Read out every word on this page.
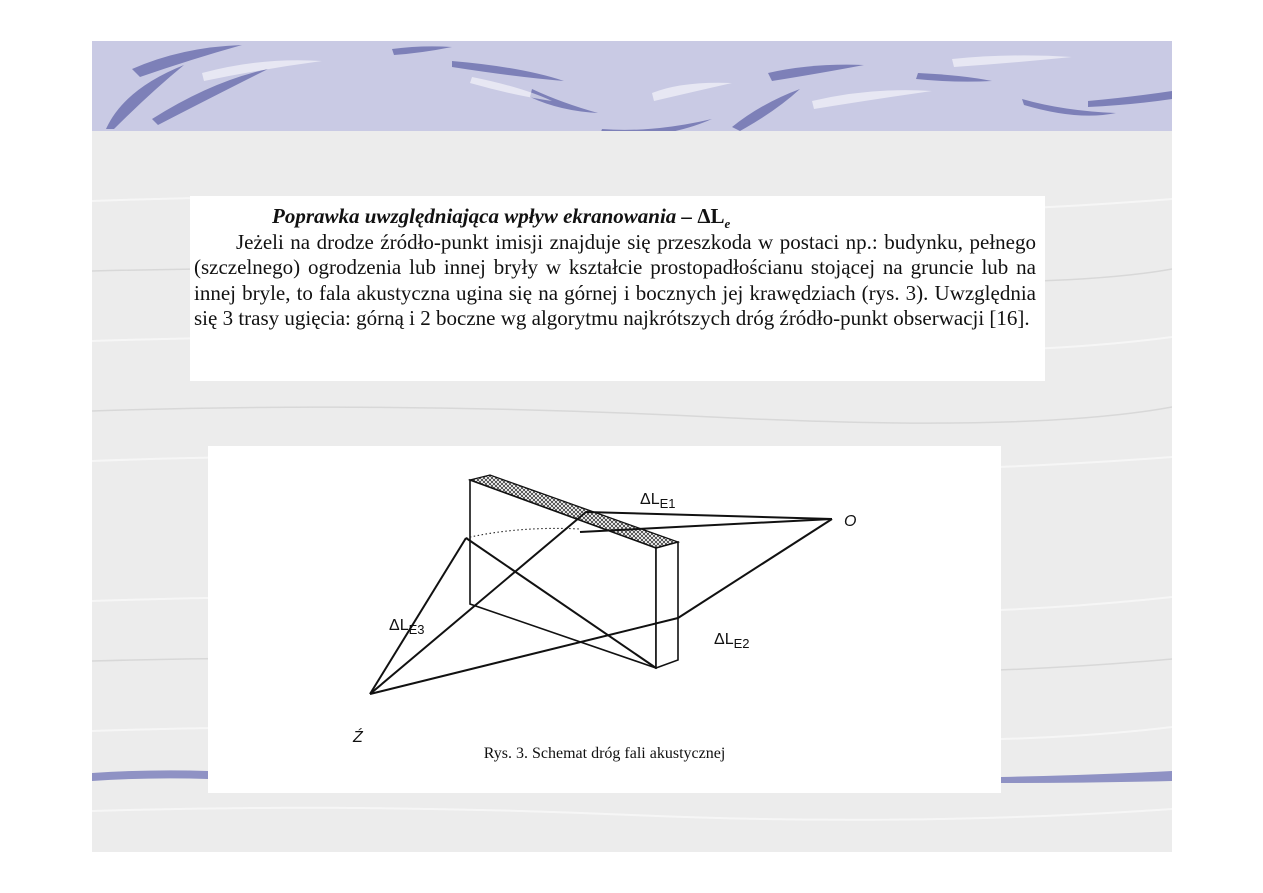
Poprawka uwzględniająca wpływ ekranowania – $\Delta L_e$
Jeżeli na drodze źródło-punkt imisji znajduje się przeszkoda w postaci np.: budynku, pełnego (szczelnego) ogrodzenia lub innej bryły w kształcie prostopadłościanu stojącej na gruncie lub na innej bryle, to fala akustyczna ugina się na górnej i bocznych jej krawędziach (rys. 3). Uwzględnia się 3 trasy ugięcia: górną i 2 boczne wg algorytmu najkrótszych dróg źródło-punkt obserwacji [16].
$\Delta L_{E1}$
$\Delta L_{E2}$
$\Delta L_{E3}$
O
Ź
Rys. 3. Schemat dróg fali akustycznej
